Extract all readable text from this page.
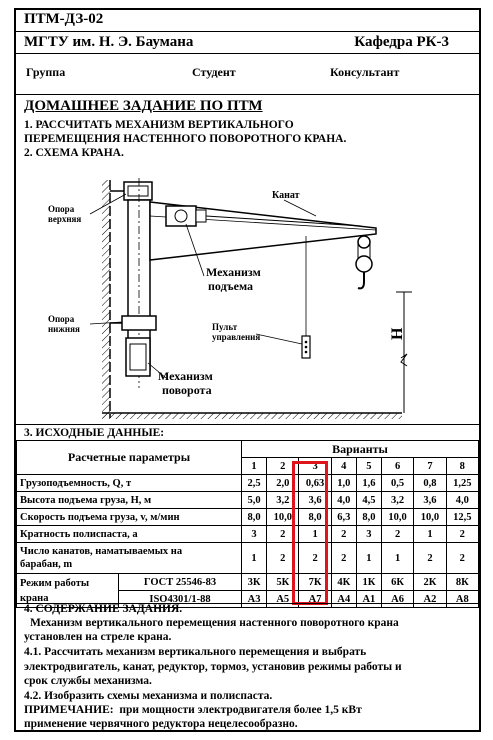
ПТМ-ДЗ-02
МГТУ им. Н. Э. Баумана	Кафедра РК-3
Группа	Студент	Консультант
ДОМАШНЕЕ ЗАДАНИЕ ПО ПТМ
1. РАССЧИТАТЬ МЕХАНИЗМ ВЕРТИКАЛЬНОГО
ПЕРЕМЕЩЕНИЯ НАСТЕННОГО ПОВОРОТНОГО КРАНА.
2. СХЕМА КРАНА.
Канат
Опора
верхняя
Механизм
подъема
Опора
нижняя	Пульт
управления
Механизм
поворота
Н
3. ИСХОДНЫЕ ДАННЫЕ:
Расчетные параметры		Варианты							
		1	2	3	4	5	6	7	8
Грузоподъемность, Q, т		2,5	2,0	0,63	1,0	1,6	0,5	0,8	1,25
Высота подъема груза, Н, м		5,0	3,2	3,6	4,0	4,5	3,2	3,6	4,0
Скорость подъема груза, v, м/мин		8,0	10,0	8,0	6,3	8,0	10,0	10,0	12,5
Кратность полиспаста, a		3	2	1	2	3	2	1	2

Число канатов, наматываемых на
барабан, m		1	2	2	2	1	1	2	2

Режим работы
крана	ГОСТ 25546-83	3К	5К	7К	4К	1К	6К	2К	8К
	ISO4301/1-88	А3	А5	А7	А4	А1	А6	А2	А8
4. СОДЕРЖАНИЕ ЗАДАНИЯ.
Механизм вертикального перемещения настенного поворотного крана
установлен на стреле крана.
4.1. Рассчитать механизм вертикального перемещения и выбрать
электродвигатель, канат, редуктор, тормоз, установив режимы работы и
срок службы механизма.
4.2. Изобразить схемы механизма и полиспаста.
ПРИМЕЧАНИЕ:  при мощности электродвигателя более 1,5 кВт
применение червячного редуктора нецелесообразно.
